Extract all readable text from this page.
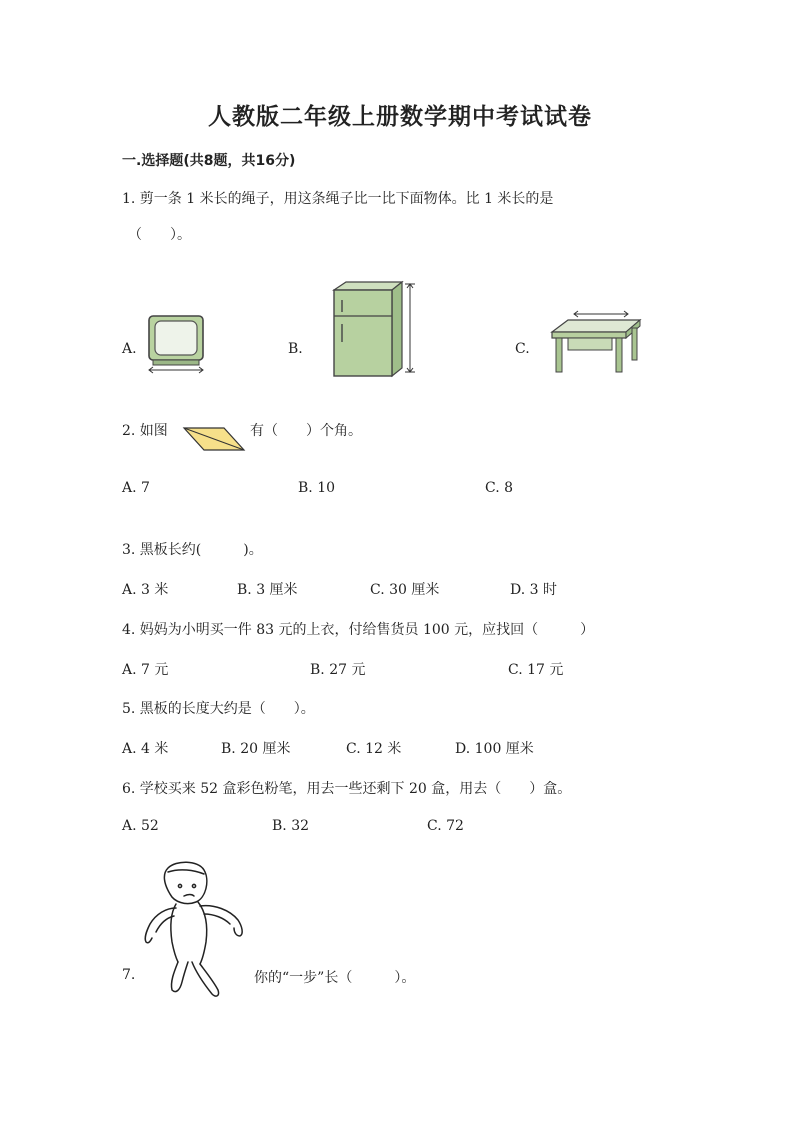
人教版二年级上册数学期中考试试卷
一.选择题(共8题，共16分)
1. 剪一条 1 米长的绳子，用这条绳子比一比下面物体。比 1 米长的是
（　　）。
A.	B.	C.
2. 如图	有（　　）个角。
A. 7	B. 10	C. 8
3. 黑板长约(　　　)。
A. 3 米	B. 3 厘米	C. 30 厘米	D. 3 时
4. 妈妈为小明买一件 83 元的上衣，付给售货员 100 元，应找回（　　　）
A. 7 元	B. 27 元	C. 17 元
5. 黑板的长度大约是（　　）。
A. 4 米	B. 20 厘米	C. 12 米	D. 100 厘米
6. 学校买来 52 盒彩色粉笔，用去一些还剩下 20 盒，用去（　　）盒。
A. 52	B. 32	C. 72
7.	你的“一步”长（　　　）。
